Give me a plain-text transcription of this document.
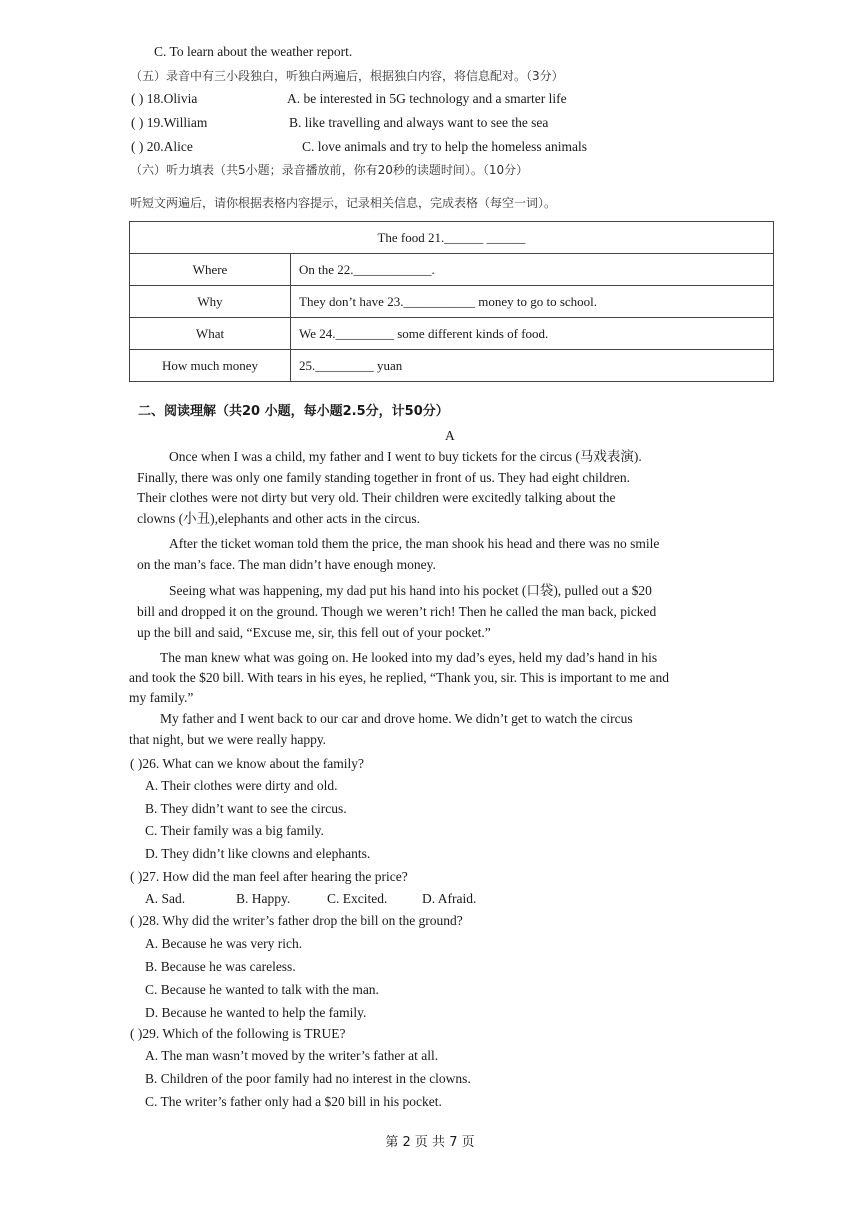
C. To learn about the weather report.
（五）录音中有三小段独白，听独白两遍后，根据独白内容，将信息配对。（3分）
( ) 18.Olivia	A. be interested in 5G technology and a smarter life
( ) 19.William	B. like travelling and always want to see the sea
( ) 20.Alice	C. love animals and try to help the homeless animals
（六）听力填表（共5小题；录音播放前，你有20秒的读题时间）。（10分）
听短文两遍后，请你根据表格内容提示，记录相关信息，完成表格（每空一词）。
The food 21.______ ______	
Where	On the 22.____________.
Why	They don’t have 23.___________ money to go to school.
What	We 24._________ some different kinds of food.
How much money	25._________ yuan
二、阅读理解（共20 小题，每小题2.5分，计50分）
A
Once when I was a child, my father and I went to buy tickets for the circus (马戏表演).
Finally, there was only one family standing together in front of us. They had eight children.
Their clothes were not dirty but very old. Their children were excitedly talking about the
clowns (小丑),elephants and other acts in the circus.
After the ticket woman told them the price, the man shook his head and there was no smile
on the man’s face. The man didn’t have enough money.
Seeing what was happening, my dad put his hand into his pocket (口袋), pulled out a $20
bill and dropped it on the ground. Though we weren’t rich! Then he called the man back, picked
up the bill and said, “Excuse me, sir, this fell out of your pocket.”
The man knew what was going on. He looked into my dad’s eyes, held my dad’s hand in his
and took the $20 bill. With tears in his eyes, he replied, “Thank you, sir. This is important to me and
my family.”
My father and I went back to our car and drove home. We didn’t get to watch the circus
that night, but we were really happy.
( )26. What can we know about the family?
A. Their clothes were dirty and old.
B. They didn’t want to see the circus.
C. Their family was a big family.
D. They didn’t like clowns and elephants.
( )27. How did the man feel after hearing the price?
A. Sad.	B. Happy.	C. Excited.	D. Afraid.
( )28. Why did the writer’s father drop the bill on the ground?
A. Because he was very rich.
B. Because he was careless.
C. Because he wanted to talk with the man.
D. Because he wanted to help the family.
( )29. Which of the following is TRUE?
A. The man wasn’t moved by the writer’s father at all.
B. Children of the poor family had no interest in the clowns.
C. The writer’s father only had a $20 bill in his pocket.
第 2 页 共 7 页
